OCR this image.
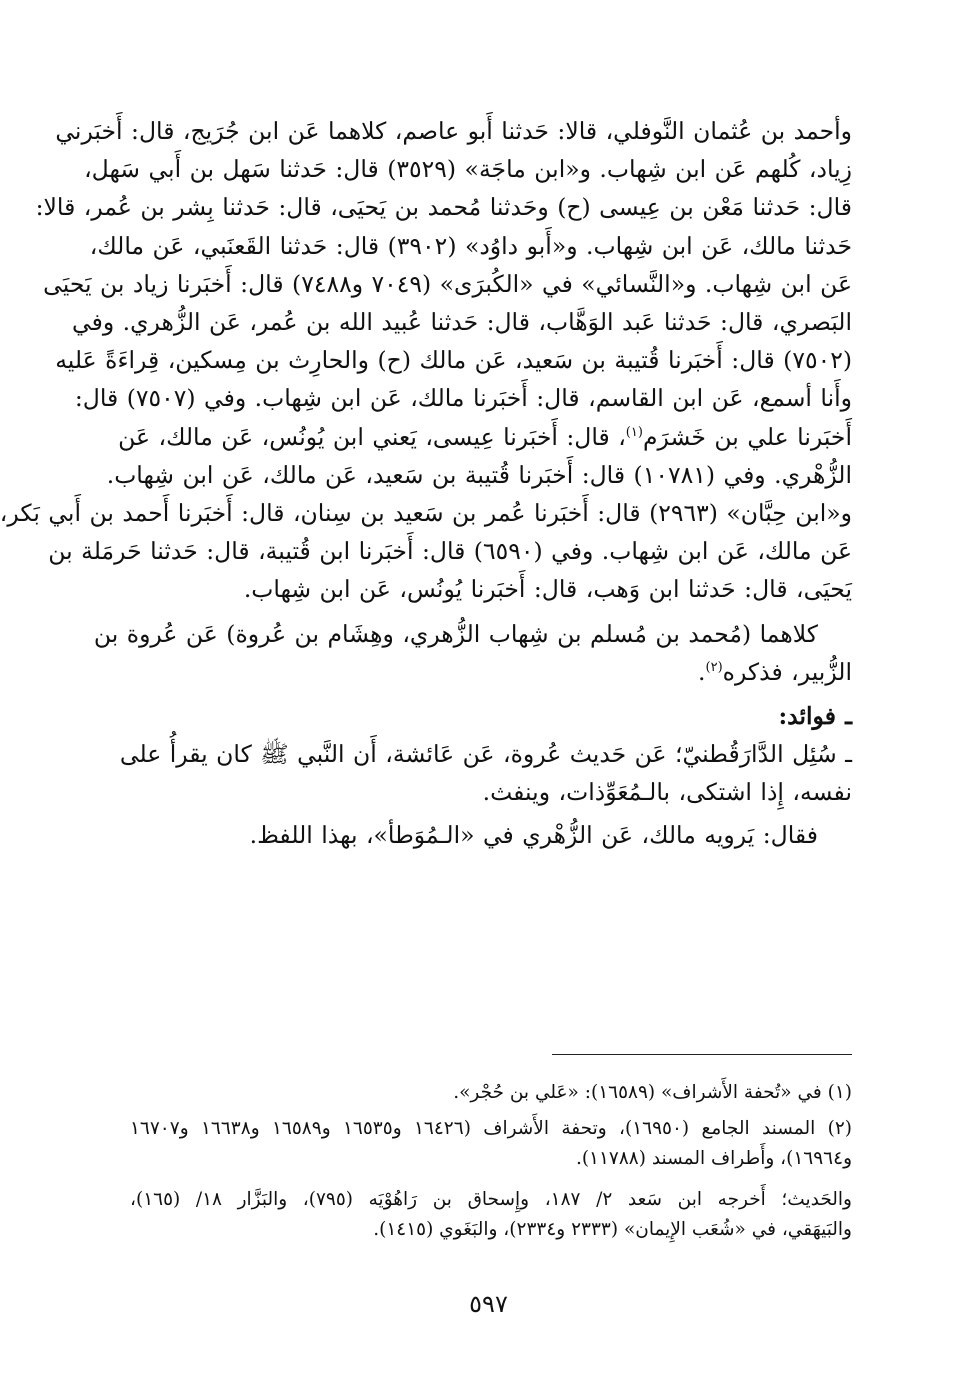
وأحمد بن عُثمان النَّوفلي، قالا: حَدثنا أَبو عاصم، كلاهما عَن ابن جُرَيج، قال: أَخبَرني
زِياد، كُلهم عَن ابن شِهاب. و«ابن ماجَة» (٣٥٢٩) قال: حَدثنا سَهل بن أَبي سَهل،
قال: حَدثنا مَعْن بن عِيسى (ح) وحَدثنا مُحمد بن يَحيَى، قال: حَدثنا بِشر بن عُمر، قالا:
حَدثنا مالك، عَن ابن شِهاب. و«أَبو داوُد» (٣٩٠٢) قال: حَدثنا القَعنَبي، عَن مالك،
عَن ابن شِهاب. و«النَّسائي» في «الكُبرَى» (٧٠٤٩ و٧٤٨٨) قال: أَخبَرنا زياد بن يَحيَى
البَصري، قال: حَدثنا عَبد الوَهَّاب، قال: حَدثنا عُبيد الله بن عُمر، عَن الزُّهري. وفي
(٧٥٠٢) قال: أَخبَرنا قُتيبة بن سَعيد، عَن مالك (ح) والحارِث بن مِسكين، قِراءَةً عَليه
وأَنا أسمع، عَن ابن القاسم، قال: أَخبَرنا مالك، عَن ابن شِهاب. وفي (٧٥٠٧) قال:
أَخبَرنا علي بن خَشرَم$^{(١)}$، قال: أَخبَرنا عِيسى، يَعني ابن يُونُس، عَن مالك، عَن
الزُّهْري. وفي (١٠٧٨١) قال: أَخبَرنا قُتيبة بن سَعيد، عَن مالك، عَن ابن شِهاب.
و«ابن حِبَّان» (٢٩٦٣) قال: أَخبَرنا عُمر بن سَعيد بن سِنان، قال: أَخبَرنا أَحمد بن أَبي بَكر،
عَن مالك، عَن ابن شِهاب. وفي (٦٥٩٠) قال: أَخبَرنا ابن قُتيبة، قال: حَدثنا حَرمَلة بن
يَحيَى، قال: حَدثنا ابن وَهب، قال: أَخبَرنا يُونُس، عَن ابن شِهاب.
كلاهما (مُحمد بن مُسلم بن شِهاب الزُّهري، وهِشَام بن عُروة) عَن عُروة بن
الزُّبير، فذكره$^{(٢)}$.
ـ فوائد:
ـ سُئِل الدَّارَقُطنيّ؛ عَن حَديث عُروة، عَن عَائشة، أَن النَّبي ﷺ كان يقرأُ على
نفسه، إِذا اشتكى، بالـمُعَوِّذات، وينفث.
فقال: يَرويه مالك، عَن الزُّهْري في «الـمُوَطأ»، بهذا اللفظ.
(١) في «تُحفة الأَشراف» (١٦٥٨٩): «عَلي بن حُجْر».
(٢) المسند الجامع (١٦٩٥٠)، وتحفة الأَشراف (١٦٤٢٦ و١٦٥٣٥ و١٦٥٨٩ و١٦٦٣٨ و١٦٧٠٧
و١٦٩٦٤)، وأَطراف المسند (١١٧٨٨).
والحَديث؛ أَخرجه ابن سَعد ٢/ ١٨٧، وإِسحاق بن رَاهُوْيَه (٧٩٥)، والبَزَّار ١٨/ (١٦٥)،
والبَيهَقي، في «شُعَب الإِيمان» (٢٣٣٣ و٢٣٣٤)، والبَغَوي (١٤١٥).
٥٩٧
